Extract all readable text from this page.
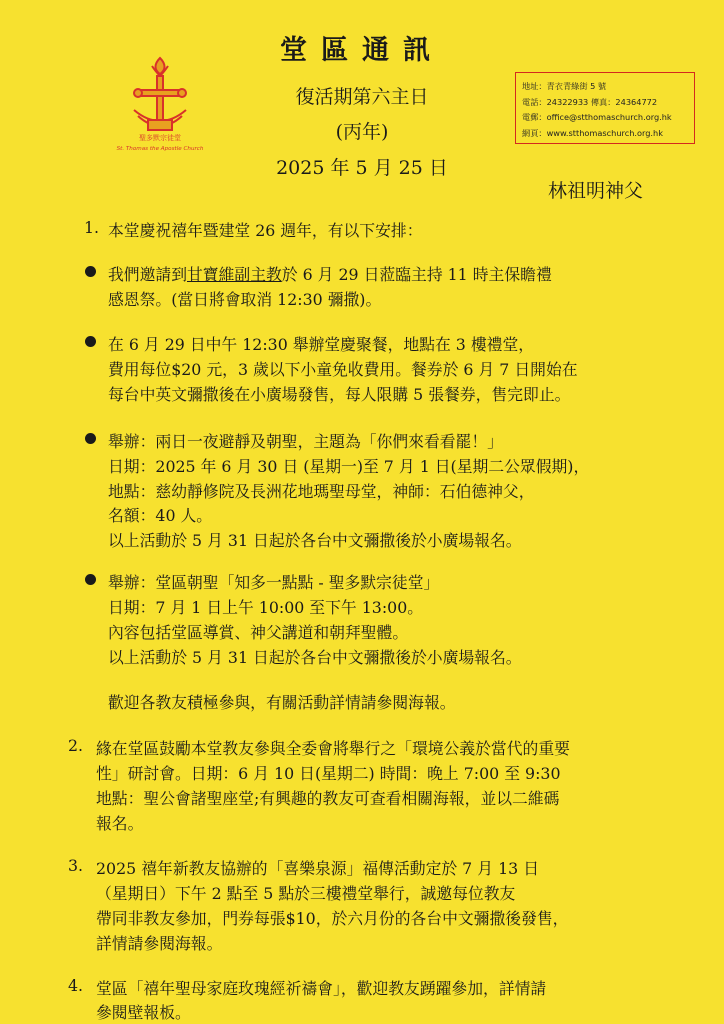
堂區通訊
復活期第六主日
(丙年)
2025 年 5 月 25 日
林祖明神父
聖多默宗徒堂
St. Thomas the Apostle Church
地址：青衣青綠街 5 號
電話：24322933 傳真：24364772
電郵：office@stthomaschurch.org.hk
網頁：www.stthomaschurch.org.hk
1. 本堂慶祝禧年暨建堂 26 週年，有以下安排：
我們邀請到甘寶維副主教於 6 月 29 日蒞臨主持 11 時主保瞻禮
感恩祭。(當日將會取消 12:30 彌撒)。
在 6 月 29 日中午 12:30 舉辦堂慶聚餐，地點在 3 樓禮堂，
費用每位$20 元，3 歲以下小童免收費用。餐券於 6 月 7 日開始在
每台中英文彌撒後在小廣場發售，每人限購 5 張餐券，售完即止。
舉辦：兩日一夜避靜及朝聖，主題為「你們來看看罷！」
日期：2025 年 6 月 30 日 (星期一)至 7 月 1 日(星期二公眾假期)，
地點：慈幼靜修院及長洲花地瑪聖母堂，神師：石伯德神父，
名額：40 人。
以上活動於 5 月 31 日起於各台中文彌撒後於小廣場報名。
舉辦：堂區朝聖「知多一點點 - 聖多默宗徒堂」
日期：7 月 1 日上午 10:00 至下午 13:00。
內容包括堂區導賞、神父講道和朝拜聖體。
以上活動於 5 月 31 日起於各台中文彌撒後於小廣場報名。
歡迎各教友積極參與，有關活動詳情請參閱海報。
2. 緣在堂區鼓勵本堂教友參與全委會將舉行之「環境公義於當代的重要
性」研討會。日期：6 月 10 日(星期二) 時間：晚上 7:00 至 9:30
地點：聖公會諸聖座堂;有興趣的教友可查看相關海報，並以二維碼
報名。
3. 2025 禧年新教友協辦的「喜樂泉源」福傳活動定於 7 月 13 日
（星期日）下午 2 點至 5 點於三樓禮堂舉行，誠邀每位教友
帶同非教友參加，門券每張$10，於六月份的各台中文彌撒後發售，
詳情請參閱海報。
4. 堂區「禧年聖母家庭玫瑰經祈禱會」，歡迎教友踴躍參加，詳情請
參閱壁報板。
